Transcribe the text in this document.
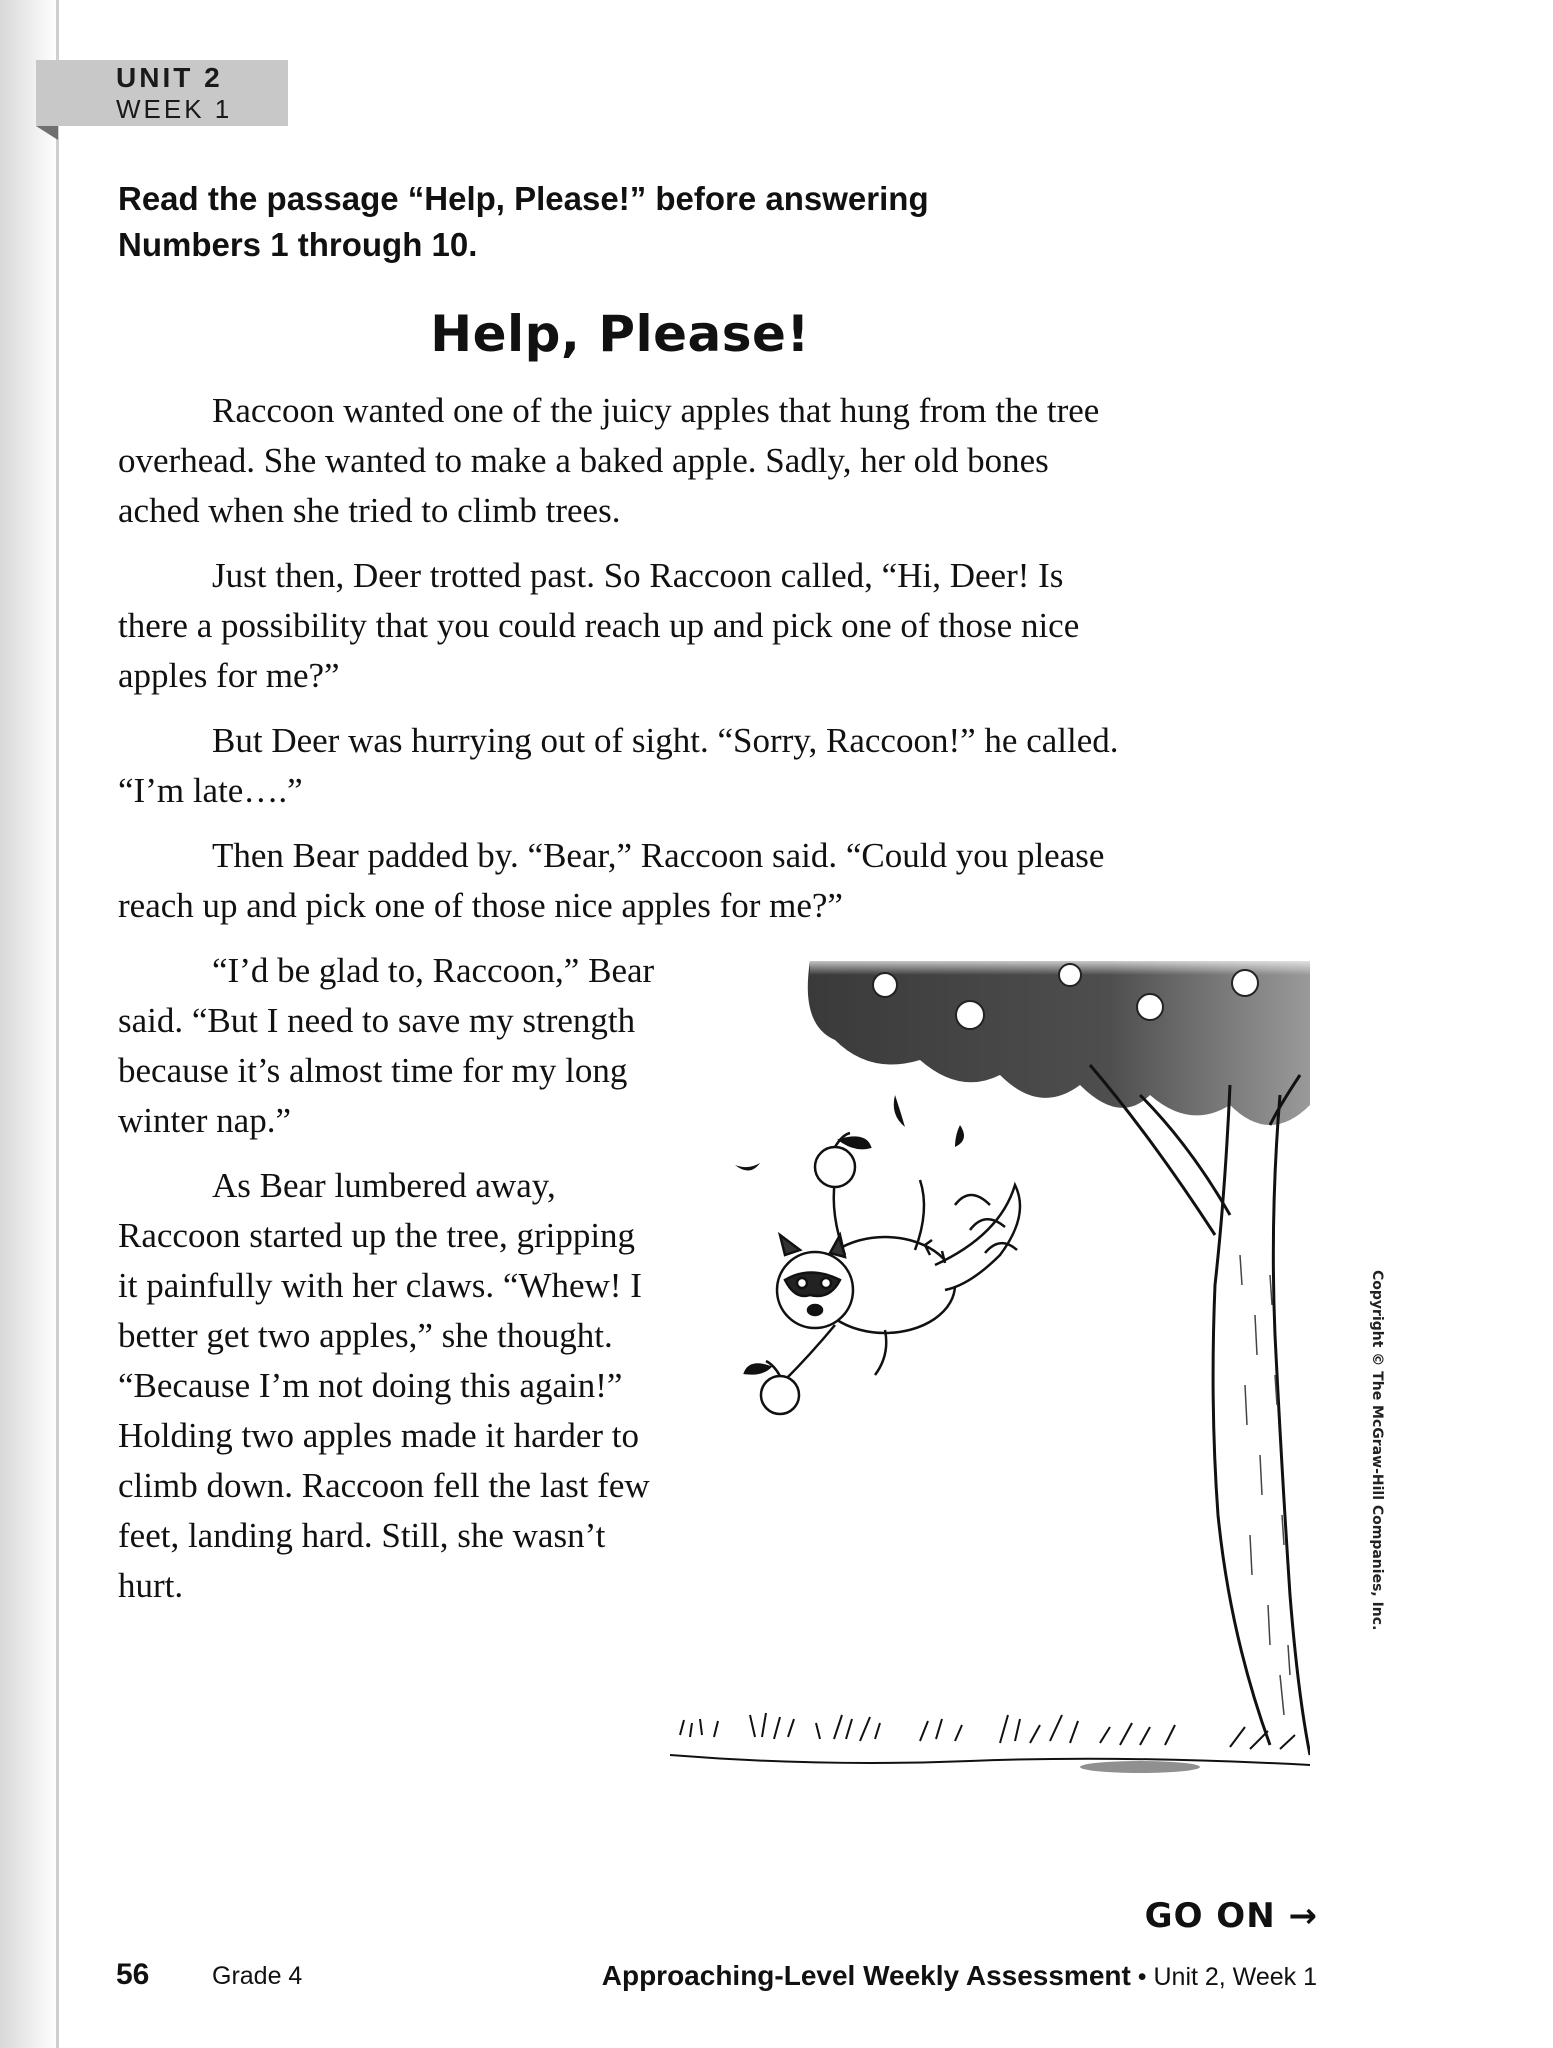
UNIT 2
WEEK 1

Read the passage “Help, Please!” before answering
Numbers 1 through 10.

Help, Please!

Raccoon wanted one of the juicy apples that hung from the tree overhead. She wanted to make a baked apple. Sadly, her old bones ached when she tried to climb trees.

Just then, Deer trotted past. So Raccoon called, “Hi, Deer! Is there a possibility that you could reach up and pick one of those nice apples for me?”

But Deer was hurrying out of sight. “Sorry, Raccoon!” he called. “I’m late….”

Then Bear padded by. “Bear,” Raccoon said. “Could you please reach up and pick one of those nice apples for me?”

“I’d be glad to, Raccoon,” Bear said. “But I need to save my strength because it’s almost time for my long winter nap.”

As Bear lumbered away, Raccoon started up the tree, gripping it painfully with her claws. “Whew! I better get two apples,” she thought. “Because I’m not doing this again!” Holding two apples made it harder to climb down. Raccoon fell the last few feet, landing hard. Still, she wasn’t hurt.	Copyright © The McGraw-Hill Companies, Inc.
GO ON →
56	Grade 4	Approaching-Level Weekly Assessment • Unit 2, Week 1
